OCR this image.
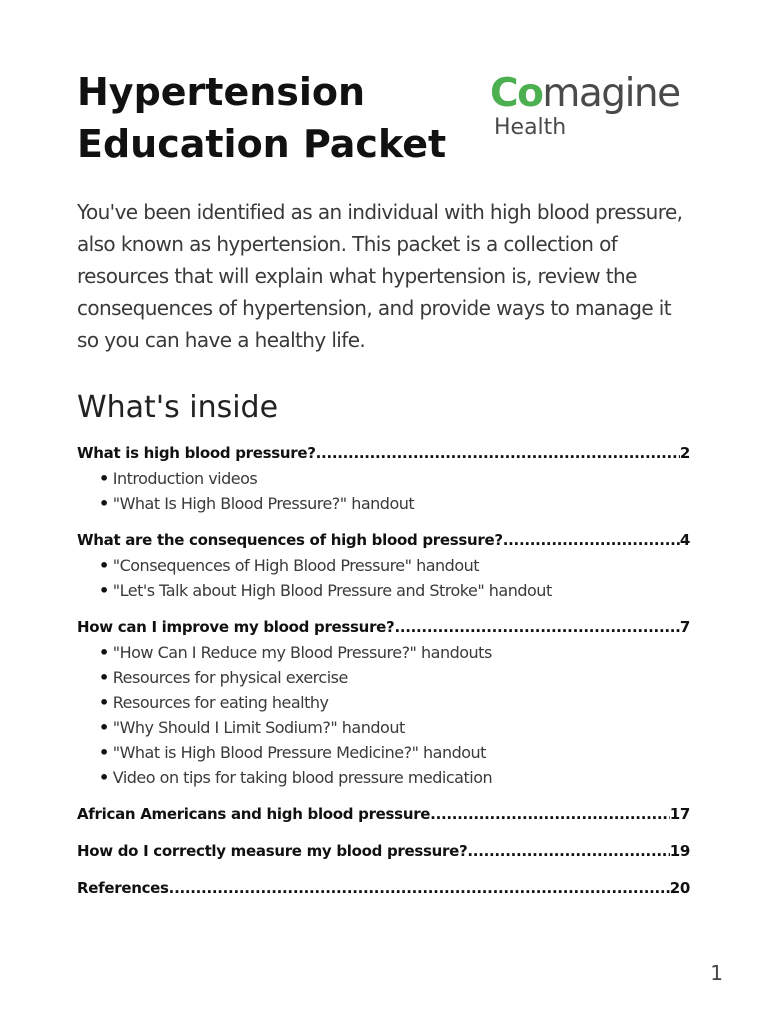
Hypertension
Education Packet
Comagine
Health

You've been identified as an individual with high blood pressure, also known as hypertension. This packet is a collection of resources that will explain what hypertension is, review the consequences of hypertension, and provide ways to manage it so you can have a healthy life.

What's inside
What is high blood pressure? .....	2
• Introduction videos
• "What Is High Blood Pressure?" handout
What are the consequences of high blood pressure? .....	4
• "Consequences of High Blood Pressure" handout
• "Let's Talk about High Blood Pressure and Stroke" handout
How can I improve my blood pressure? .....	7
• "How Can I Reduce my Blood Pressure?" handouts
• Resources for physical exercise
• Resources for eating healthy
• "Why Should I Limit Sodium?" handout
• "What is High Blood Pressure Medicine?" handout
• Video on tips for taking blood pressure medication
African Americans and high blood pressure .....	17
How do I correctly measure my blood pressure? .....	19
References .....	20
1
